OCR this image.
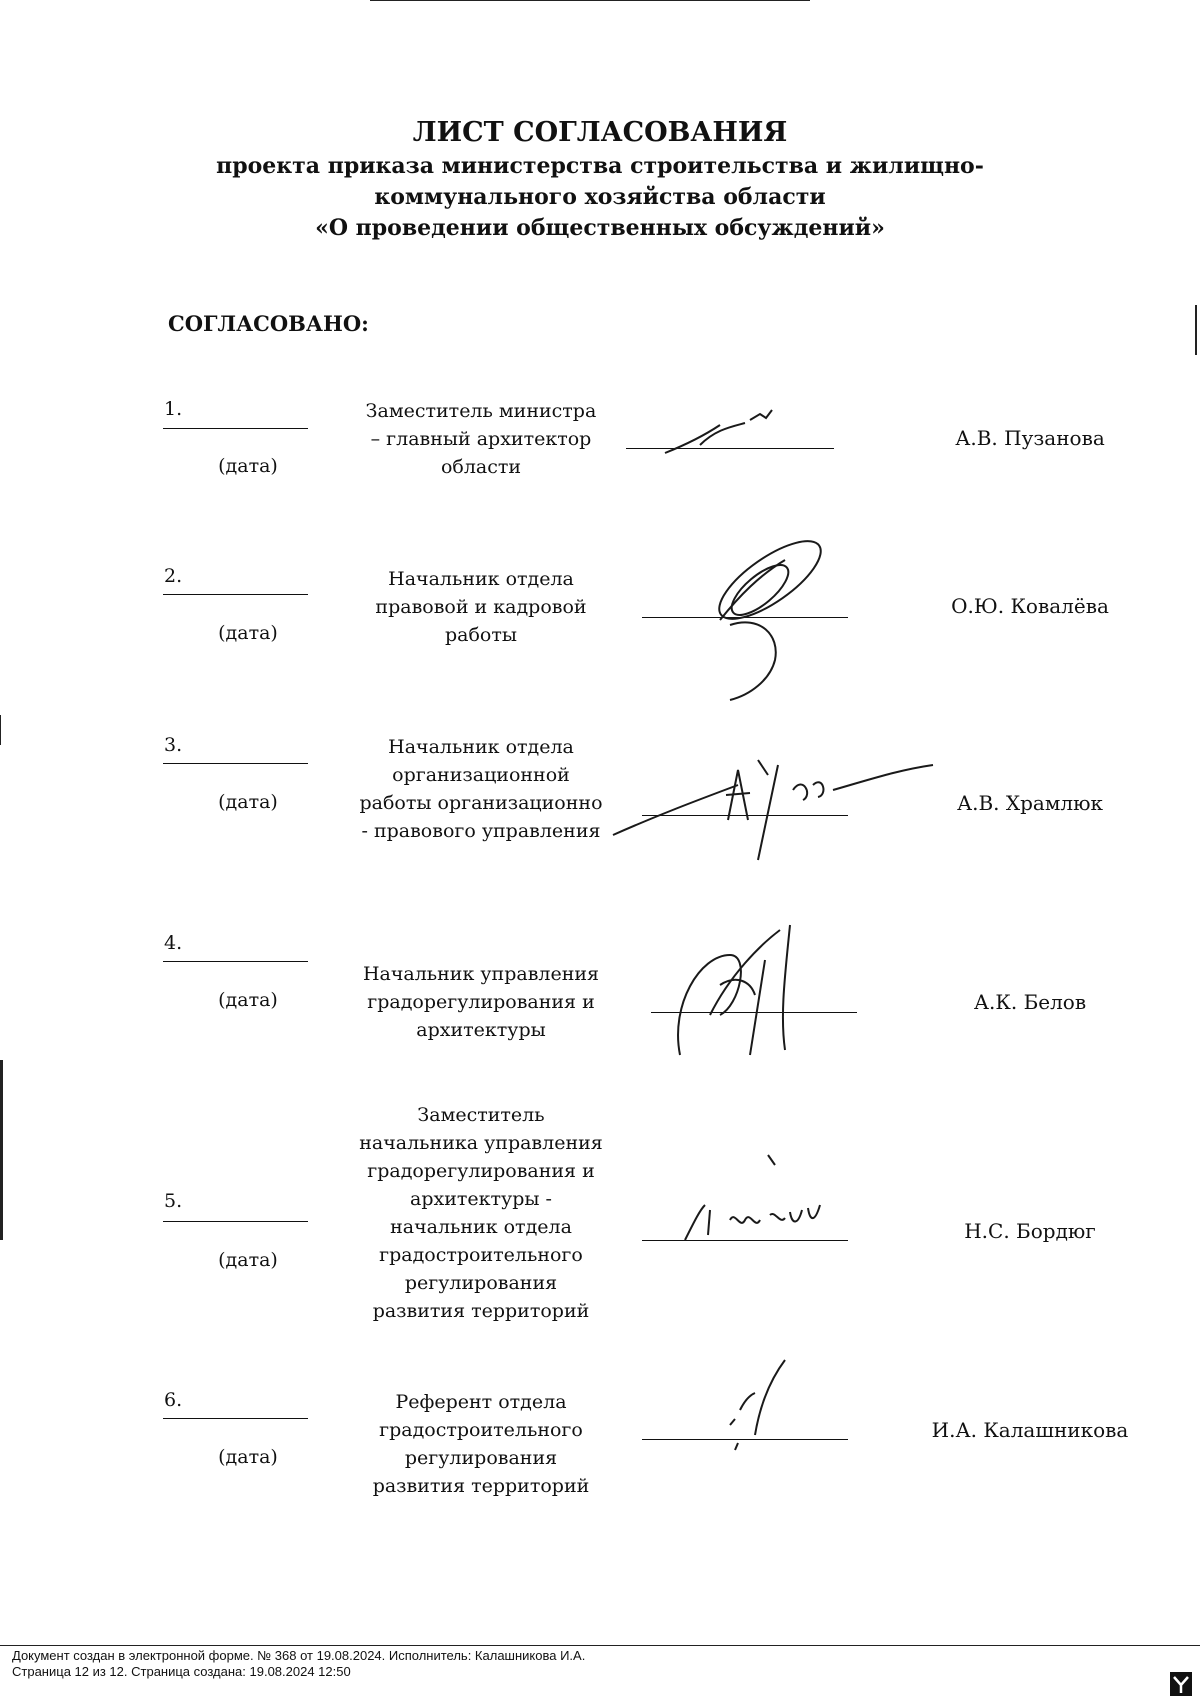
ЛИСТ СОГЛАСОВАНИЯ
проекта приказа министерства строительства и жилищно-
коммунального хозяйства области
«О проведении общественных обсуждений»
СОГЛАСОВАНО:
1.
(дата)
Заместитель министра
– главный архитектор
области
А.В. Пузанова
2.
(дата)
Начальник отдела
правовой и кадровой
работы
О.Ю. Ковалёва
3.
(дата)
Начальник отдела
организационной
работы организационно
- правового управления
А.В. Храмлюк
4.
(дата)
Начальник управления
градорегулирования и
архитектуры
А.К. Белов
5.
(дата)
Заместитель
начальника управления
градорегулирования и
архитектуры -
начальник отдела
градостроительного
регулирования
развития территорий
Н.С. Бордюг
6.
(дата)
Референт отдела
градостроительного
регулирования
развития территорий
И.А. Калашникова
Документ создан в электронной форме. № 368 от 19.08.2024. Исполнитель: Калашникова И.А.
Страница 12 из 12. Страница создана: 19.08.2024 12:50
